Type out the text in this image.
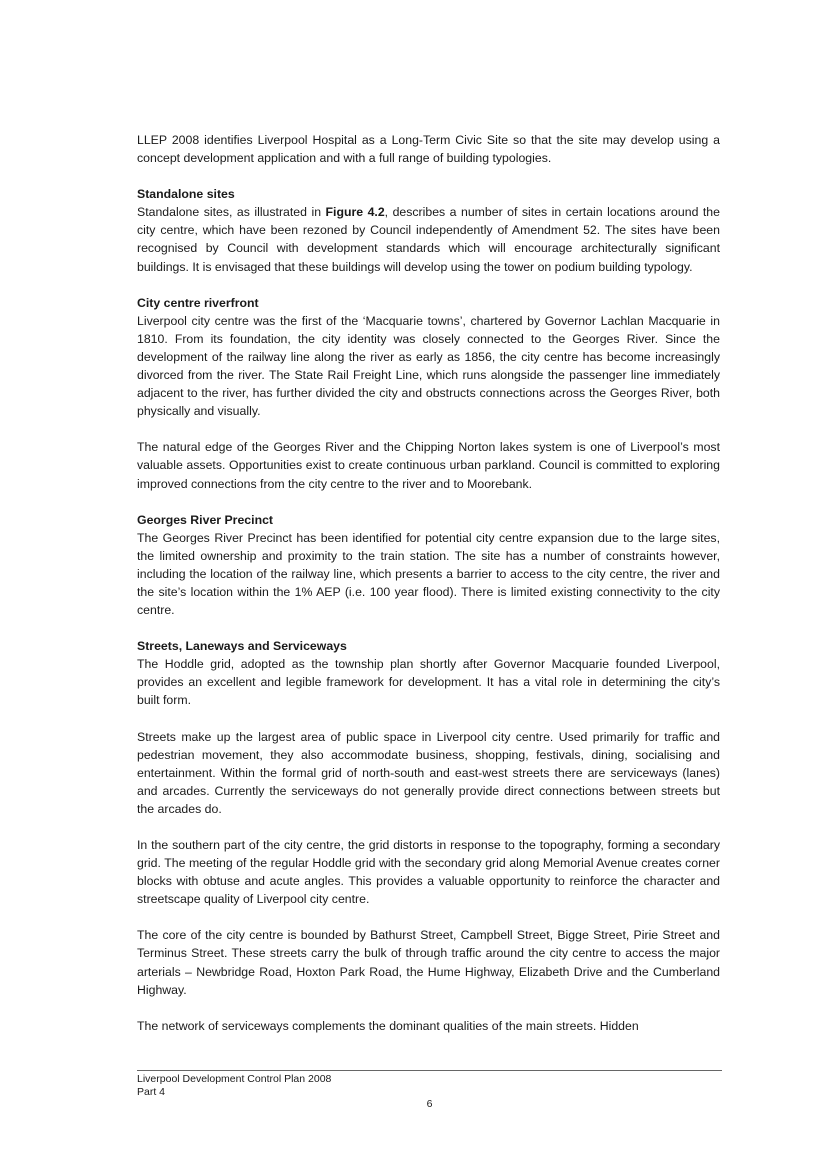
LLEP 2008 identifies Liverpool Hospital as a Long-Term Civic Site so that the site may develop using a concept development application and with a full range of building typologies.

Standalone sites
Standalone sites, as illustrated in Figure 4.2, describes a number of sites in certain locations around the city centre, which have been rezoned by Council independently of Amendment 52. The sites have been recognised by Council with development standards which will encourage architecturally significant buildings. It is envisaged that these buildings will develop using the tower on podium building typology.
City centre riverfront
Liverpool city centre was the first of the ‘Macquarie towns’, chartered by Governor Lachlan Macquarie in 1810. From its foundation, the city identity was closely connected to the Georges River. Since the development of the railway line along the river as early as 1856, the city centre has become increasingly divorced from the river. The State Rail Freight Line, which runs alongside the passenger line immediately adjacent to the river, has further divided the city and obstructs connections across the Georges River, both physically and visually.

The natural edge of the Georges River and the Chipping Norton lakes system is one of Liverpool’s most valuable assets. Opportunities exist to create continuous urban parkland. Council is committed to exploring improved connections from the city centre to the river and to Moorebank.

Georges River Precinct
The Georges River Precinct has been identified for potential city centre expansion due to the large sites, the limited ownership and proximity to the train station. The site has a number of constraints however, including the location of the railway line, which presents a barrier to access to the city centre, the river and the site’s location within the 1% AEP (i.e. 100 year flood). There is limited existing connectivity to the city centre.
Streets, Laneways and Serviceways
The Hoddle grid, adopted as the township plan shortly after Governor Macquarie founded Liverpool, provides an excellent and legible framework for development. It has a vital role in determining the city’s built form.

Streets make up the largest area of public space in Liverpool city centre. Used primarily for traffic and pedestrian movement, they also accommodate business, shopping, festivals, dining, socialising and entertainment. Within the formal grid of north-south and east-west streets there are serviceways (lanes) and arcades. Currently the serviceways do not generally provide direct connections between streets but the arcades do.

In the southern part of the city centre, the grid distorts in response to the topography, forming a secondary grid. The meeting of the regular Hoddle grid with the secondary grid along Memorial Avenue creates corner blocks with obtuse and acute angles. This provides a valuable opportunity to reinforce the character and streetscape quality of Liverpool city centre.

The core of the city centre is bounded by Bathurst Street, Campbell Street, Bigge Street, Pirie Street and Terminus Street. These streets carry the bulk of through traffic around the city centre to access the major arterials – Newbridge Road, Hoxton Park Road, the Hume Highway, Elizabeth Drive and the Cumberland Highway.

The network of serviceways complements the dominant qualities of the main streets. Hidden

Liverpool Development Control Plan 2008
Part 4
6
